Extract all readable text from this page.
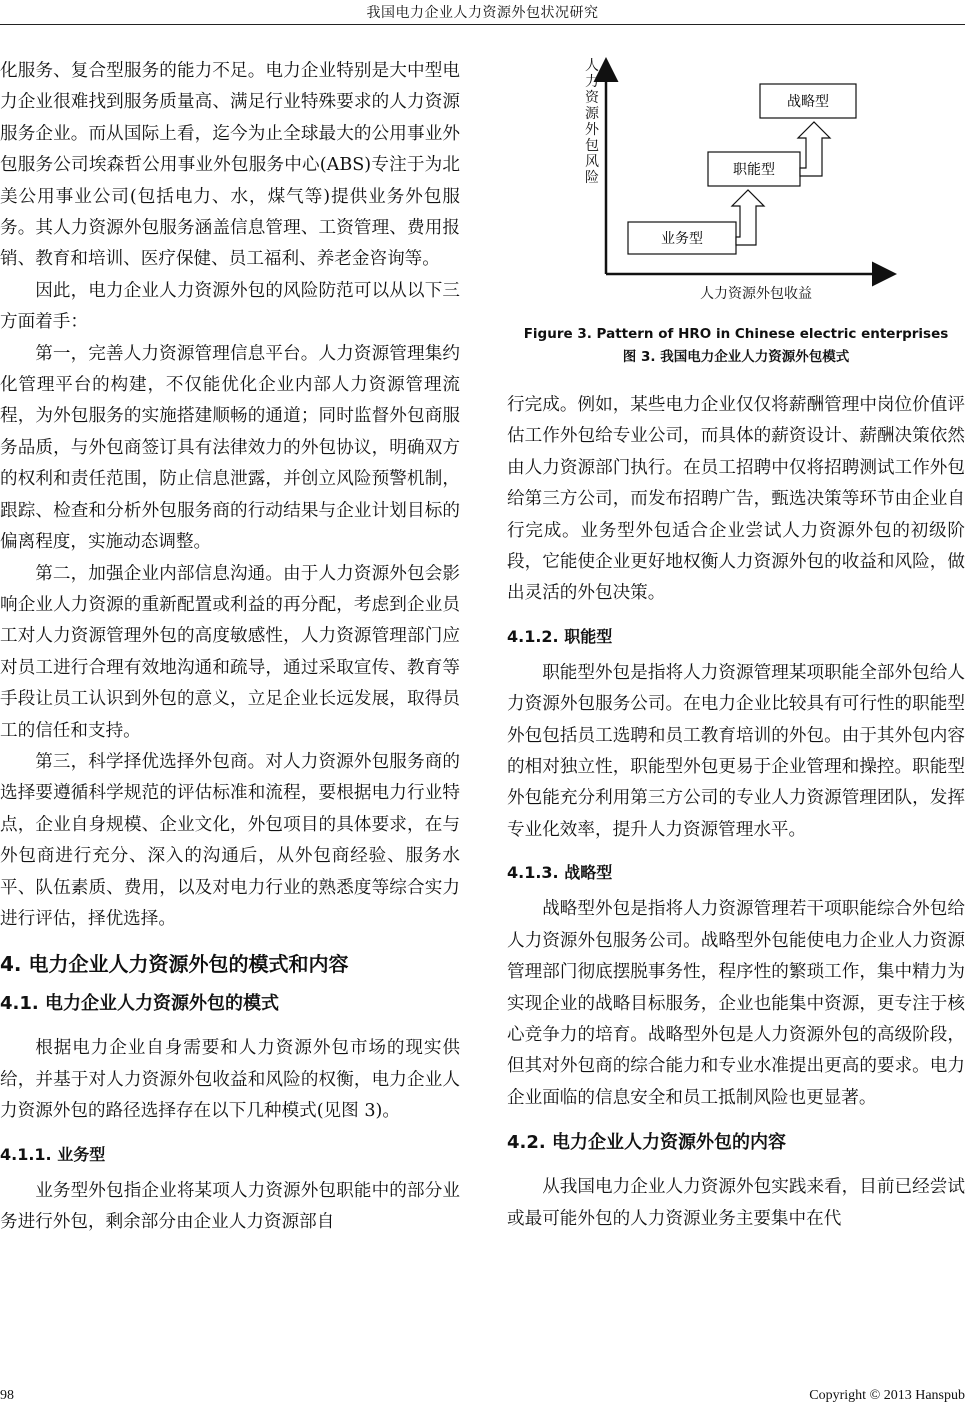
我国电力企业人力资源外包状况研究

化服务、复合型服务的能力不足。电力企业特别是大中型电力企业很难找到服务质量高、满足行业特殊要求的人力资源服务企业。而从国际上看，迄今为止全球最大的公用事业外包服务公司埃森哲公用事业外包服务中心(ABS)专注于为北美公用事业公司(包括电力、水，煤气等)提供业务外包服务。其人力资源外包服务涵盖信息管理、工资管理、费用报销、教育和培训、医疗保健、员工福利、养老金咨询等。

因此，电力企业人力资源外包的风险防范可以从以下三方面着手：

第一，完善人力资源管理信息平台。人力资源管理集约化管理平台的构建，不仅能优化企业内部人力资源管理流程，为外包服务的实施搭建顺畅的通道；同时监督外包商服务品质，与外包商签订具有法律效力的外包协议，明确双方的权利和责任范围，防止信息泄露，并创立风险预警机制，跟踪、检查和分析外包服务商的行动结果与企业计划目标的偏离程度，实施动态调整。

第二，加强企业内部信息沟通。由于人力资源外包会影响企业人力资源的重新配置或利益的再分配，考虑到企业员工对人力资源管理外包的高度敏感性，人力资源管理部门应对员工进行合理有效地沟通和疏导，通过采取宣传、教育等手段让员工认识到外包的意义，立足企业长远发展，取得员工的信任和支持。

第三，科学择优选择外包商。对人力资源外包服务商的选择要遵循科学规范的评估标准和流程，要根据电力行业特点，企业自身规模、企业文化，外包项目的具体要求，在与外包商进行充分、深入的沟通后，从外包商经验、服务水平、队伍素质、费用，以及对电力行业的熟悉度等综合实力进行评估，择优选择。

4. 电力企业人力资源外包的模式和内容
4.1. 电力企业人力资源外包的模式

根据电力企业自身需要和人力资源外包市场的现实供给，并基于对人力资源外包收益和风险的权衡，电力企业人力资源外包的路径选择存在以下几种模式(见图 3)。

4.1.1. 业务型

业务型外包指企业将某项人力资源外包职能中的部分业务进行外包，剩余部分由企业人力资源部自

人 力 资 源 外 包 风 险
人力资源外包收益
业务型
职能型
战略型
Figure 3. Pattern of HRO in Chinese electric enterprises
图 3. 我国电力企业人力资源外包模式

行完成。例如，某些电力企业仅仅将薪酬管理中岗位价值评估工作外包给专业公司，而具体的薪资设计、薪酬决策依然由人力资源部门执行。在员工招聘中仅将招聘测试工作外包给第三方公司，而发布招聘广告，甄选决策等环节由企业自行完成。业务型外包适合企业尝试人力资源外包的初级阶段，它能使企业更好地权衡人力资源外包的收益和风险，做出灵活的外包决策。

4.1.2. 职能型

职能型外包是指将人力资源管理某项职能全部外包给人力资源外包服务公司。在电力企业比较具有可行性的职能型外包包括员工选聘和员工教育培训的外包。由于其外包内容的相对独立性，职能型外包更易于企业管理和操控。职能型外包能充分利用第三方公司的专业人力资源管理团队，发挥专业化效率，提升人力资源管理水平。

4.1.3. 战略型

战略型外包是指将人力资源管理若干项职能综合外包给人力资源外包服务公司。战略型外包能使电力企业人力资源管理部门彻底摆脱事务性，程序性的繁琐工作，集中精力为实现企业的战略目标服务，企业也能集中资源，更专注于核心竞争力的培育。战略型外包是人力资源外包的高级阶段，但其对外包商的综合能力和专业水准提出更高的要求。电力企业面临的信息安全和员工抵制风险也更显著。

4.2. 电力企业人力资源外包的内容

从我国电力企业人力资源外包实践来看，目前已经尝试或最可能外包的人力资源业务主要集中在代

98	Copyright © 2013 Hanspub
